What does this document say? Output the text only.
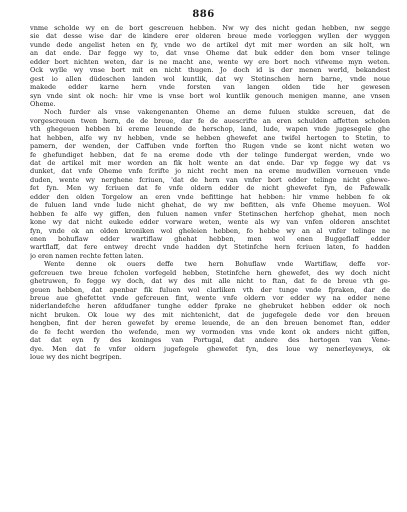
886
vnme scholde wy en de bort gescreuen hebben. Nw wy des nicht gedan hebben, nw segge
sie dat desse wise dar de kindere erer olderen breue mede vorleggen wyllen der wyggen
vunde dede angelist heten en fy, vnde wo de artikel dyt mit mer worden an sik holt, wn
an dat ende. Dar fegge wy to, dat vnse Oheme dat buk edder den bom vnser telinge
edder bort nichten weten, dar is ne macht ane, wente wy ere bort noch vifweme myn weten.
Ock wylle wy vnse bort mit en nicht thugen. Jo doch id is der menen werld, bekandest
gest io allen düdeschen landen wol kuntlik, dat wy Stetinschen hern barne, vnde noue
makede edder karne hern vnde forsten van langen olden tide her gewesen
syn vnde sint ok noch: hir vme is vnse bort wol kuntlik genouch menigen manne, ane vnsen
Oheme.
Noch furder als vnse vakengenanten Oheme an deme fuluen stukke screuen, dat de
vorgescreuen twen hern, de de breue, dar fe de auescrifte an eren schulden affetten scholen
vth ghegeuen hebben bi ereme leuende de herschop, land, lude, wapen vnde jugesegele ghe
hat hebben, alfe wy nv hebben, vnde se hebben ghewefet ane twifel hertogen to Stetin, to
pamern, der wenden, der Caffuben vnde forften tho Rugen vnde se kont nicht weten wo
fe ghefundiget hebben, dat fe na ereme dode vth der telinge fundergat werden, vnde wo
dat de artikel mit mer worden an fik holt wente an dat ende. Dar vp fegge wy dat vs
dunket, dat vnfe Oheme vnfe fcrifte jo nicht recht men na ereme mudwillen vorneuen vnde
duden, wente wy nerghene fcriuen, 'dat de hern van vnfer bort edder telinge nicht ghewe-
fet fyn. Men wy fcriuen dat fe vnfe oldern edder de nicht ghewefet fyn, de Pafewalk
edder den olden Torgelow an eren vnde befittinge hat hebben: hir vmme hebben fe ok
de fuluen land vnde lude nicht ghehat, de wy nw befitten, als vnfe Oheme meyuen. Wol
hebben fe alfe wy giffen, den fuluen namen vnfer Stetinschen herfchop ghehat, men noch
kone wy dat nicht eukede edder vorware weten, wente als wy van vnfen olderen anschtet
fyn, vnde ok an olden kroniken wol gheleien hebben, fo hebbe wy an al vnfer telinge ne
enen bohuflaw edder wartiflaw ghehat hebben, men wol enen Buggeflaff edder
wartflaff, dat fere entwey drecht vnde hadden dyt Stetinfche hern fcriuen laten, fo hadden
jo eren namen rechte fetten laten.
Wente denne ok ouers deffe twe hern Bohuflaw vnde Wartiflaw, deffe vor-
gefcreuen twe breue fcholen vorfegeld hebben, Stetinfche hern ghewefet, des wy doch nicht
ghetruwen, fo fegge wy doch, dat wy des mit alle nicht to ftan, dat fe de breue vth ge-
geuen hebben, dat apenbar fik fuluen wol clarliken vth der tunge vnde fpraken, dar de
breue aue ghefettet vnde gefcreuen fint, wente vnfe oldern vor edder wy na edder nene
niderlandefche heren afdudfaner tunghe edder fprake ne ghebruket hebben edder ok noch
nicht bruken. Ok loue wy des mit nichtenicht, dat de jugefegele dede vor den breuen
hengben, fint der heren gewefet by ereme leuende, de an den breuen benomet ftan, edder
de fe fecht werden tho wefende, men wy vormoden vns vnde kont ok anders nicht giffen,
dat dat eyn fy des koninges van Portugal, dat andere des hertogen van Vene-
dye. Men dat fe vnfer oldern jugefegele ghewefet fyn, des loue wy nenerleyewys, ok
loue wy des nicht begripen.
